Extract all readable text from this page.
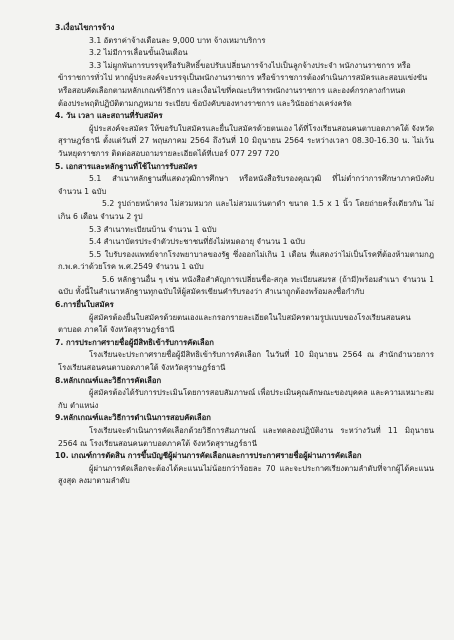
3.เงื่อนไขการจ้าง
3.1 อัตราค่าจ้างเดือนละ 9,000 บาท จ้างเหมาบริการ
3.2 ไม่มีการเลื่อนขั้นเงินเดือน
3.3 ไม่ผูกพันการบรรจุหรือรับสิทธิ์ขอปรับเปลี่ยนการจ้างไปเป็นลูกจ้างประจำ พนักงานราชการ หรือ
ข้าราชการทั่วไป หากผู้ประสงค์จะบรรจุเป็นพนักงานราชการ หรือข้าราชการต้องดำเนินการสมัครและสอบแข่งขัน
หรือสอบคัดเลือกตามหลักเกณฑ์วิธีการ และเงื่อนไขที่คณะบริหารพนักงานราชการ และองค์กรกลางกำหนด
ต้องประพฤติปฏิบัติตามกฎหมาย ระเบียบ ข้อบังคับของทางราชการ และวินัยอย่างเคร่งครัด
4. วัน เวลา และสถานที่รับสมัคร
ผู้ประสงค์จะสมัคร ให้ขอรับใบสมัครและยื่นใบสมัครด้วยตนเอง ได้ที่โรงเรียนสอนคนตาบอดภาคใต้ จังหวัดสุราษฎร์ธานี ตั้งแต่วันที่ 27 พฤษภาคม 2564 ถึงวันที่ 10 มิถุนายน 2564 ระหว่างเวลา 08.30-16.30 น. ไม่เว้นวันหยุดราชการ ติดต่อสอบถามรายละเอียดได้ที่เบอร์ 077 297 720
5. เอกสารและหลักฐานที่ใช้ในการรับสมัคร
5.1 สำเนาหลักฐานที่แสดงวุฒิการศึกษา หรือหนังสือรับรองคุณวุฒิ ที่ไม่ต่ำกว่าการศึกษาภาคบังคับ จำนวน 1 ฉบับ
5.2 รูปถ่ายหน้าตรง ไม่สวมหมวก และไม่สวมแว่นตาดำ ขนาด 1.5 x 1 นิ้ว โดยถ่ายครั้งเดียวกัน ไม่เกิน 6 เดือน จำนวน 2 รูป
5.3 สำเนาทะเบียนบ้าน จำนวน 1 ฉบับ
5.4 สำเนาบัตรประจำตัวประชาชนที่ยังไม่หมดอายุ จำนวน 1 ฉบับ
5.5 ใบรับรองแพทย์จากโรงพยาบาลของรัฐ ซึ่งออกไม่เกิน 1 เดือน ที่แสดงว่าไม่เป็นโรคที่ต้องห้ามตามกฎ ก.พ.ค.ว่าด้วยโรค พ.ศ.2549 จำนวน 1 ฉบับ
5.6 หลักฐานอื่น ๆ เช่น หนังสือสำคัญการเปลี่ยนชื่อ-สกุล ทะเบียนสมรส (ถ้ามี)พร้อมสำเนา จำนวน 1 ฉบับ ทั้งนี้ในสำเนาหลักฐานทุกฉบับให้ผู้สมัครเขียนคำรับรองว่า สำเนาถูกต้องพร้อมลงชื่อกำกับ
6.การยื่นใบสมัคร
ผู้สมัครต้องยื่นใบสมัครด้วยตนเองและกรอกรายละเอียดในใบสมัครตามรูปแบบของโรงเรียนสอนคนตาบอด ภาคใต้ จังหวัดสุราษฎร์ธานี
7. การประกาศรายชื่อผู้มีสิทธิเข้ารับการคัดเลือก
โรงเรียนจะประกาศรายชื่อผู้มีสิทธิเข้ารับการคัดเลือก ในวันที่ 10 มิถุนายน 2564 ณ สำนักอำนวยการ โรงเรียนสอนคนตาบอดภาคใต้ จังหวัดสุราษฎร์ธานี
8.หลักเกณฑ์และวิธีการคัดเลือก
ผู้สมัครต้องได้รับการประเมินโดยการสอบสัมภาษณ์ เพื่อประเมินคุณลักษณะของบุคคล และความเหมาะสมกับ ตำแหน่ง
9.หลักเกณฑ์และวิธีการดำเนินการสอบคัดเลือก
โรงเรียนจะดำเนินการคัดเลือกด้วยวิธีการสัมภาษณ์ และทดลองปฏิบัติงาน ระหว่างวันที่ 11 มิถุนายน 2564 ณ โรงเรียนสอนคนตาบอดภาคใต้ จังหวัดสุราษฎร์ธานี
10. เกณฑ์การตัดสิน การขึ้นบัญชีผู้ผ่านการคัดเลือกและการประกาศรายชื่อผู้ผ่านการคัดเลือก
ผู้ผ่านการคัดเลือกจะต้องได้คะแนนไม่น้อยกว่าร้อยละ 70 และจะประกาศเรียงตามลำดับที่จากผู้ได้คะแนนสูงสุด ลงมาตามลำดับ
